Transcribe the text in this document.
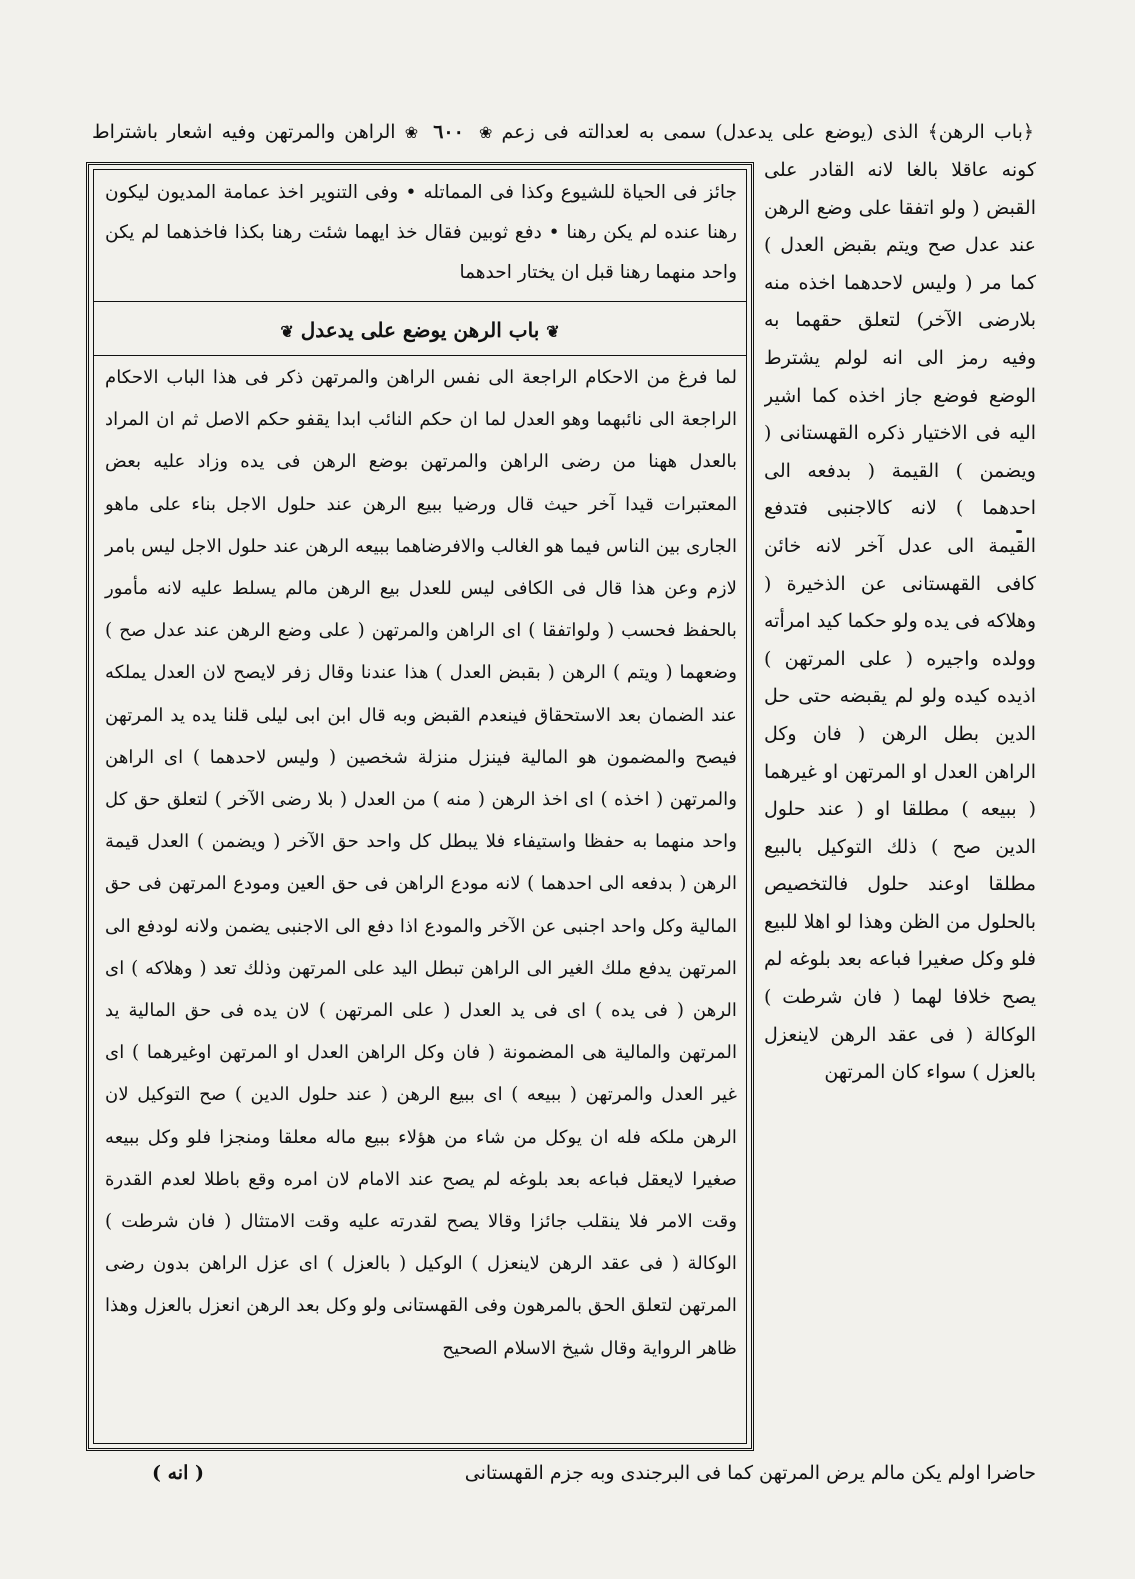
﴿باب الرهن﴾ الذى (يوضع على يدعدل) سمى به لعدالته فى زعم ❀ ٦٠٠ ❀ الراهن والمرتهن وفيه اشعار باشتراط
جائز فى الحياة للشيوع وكذا فى المماتله • وفى التنوير اخذ عمامة المديون ليكون رهنا عنده لم يكن رهنا • دفع ثوبين فقال خذ ايهما شئت رهنا بكذا فاخذهما لم يكن واحد منهما رهنا قبل ان يختار احدهما
❦ باب الرهن يوضع على يدعدل ❦

لما فرغ من الاحكام الراجعة الى نفس الراهن والمرتهن ذكر فى هذا الباب الاحكام الراجعة الى نائبهما وهو العدل لما ان حكم النائب ابدا يقفو حكم الاصل ثم ان المراد بالعدل ههنا من رضى الراهن والمرتهن بوضع الرهن فى يده وزاد عليه بعض المعتبرات قيدا آخر حيث قال ورضيا ببيع الرهن عند حلول الاجل بناء على ماهو الجارى بين الناس فيما هو الغالب والافرضاهما ببيعه الرهن عند حلول الاجل ليس بامر لازم وعن هذا قال فى الكافى ليس للعدل بيع الرهن مالم يسلط عليه لانه مأمور بالحفظ فحسب ( ولواتفقا ) اى الراهن والمرتهن ( على وضع الرهن عند عدل صح ) وضعهما ( ويتم ) الرهن ( بقبض العدل ) هذا عندنا وقال زفر لايصح لان العدل يملكه عند الضمان بعد الاستحقاق فينعدم القبض وبه قال ابن ابى ليلى قلنا يده يد المرتهن فيصح والمضمون هو المالية فينزل منزلة شخصين ( وليس لاحدهما ) اى الراهن والمرتهن ( اخذه ) اى اخذ الرهن ( منه ) من العدل ( بلا رضى الآخر ) لتعلق حق كل واحد منهما به حفظا واستيفاء فلا يبطل كل واحد حق الآخر ( ويضمن ) العدل قيمة الرهن ( بدفعه الى احدهما ) لانه مودع الراهن فى حق العين ومودع المرتهن فى حق المالية وكل واحد اجنبى عن الآخر والمودع اذا دفع الى الاجنبى يضمن ولانه لودفع الى المرتهن يدفع ملك الغير الى الراهن تبطل اليد على المرتهن وذلك تعد ( وهلاكه ) اى الرهن ( فى يده ) اى فى يد العدل ( على المرتهن ) لان يده فى حق المالية يد المرتهن والمالية هى المضمونة ( فان وكل الراهن العدل او المرتهن اوغيرهما ) اى غير العدل والمرتهن ( ببيعه ) اى ببيع الرهن ( عند حلول الدين ) صح التوكيل لان الرهن ملكه فله ان يوكل من شاء من هؤلاء ببيع ماله معلقا ومنجزا فلو وكل ببيعه صغيرا لايعقل فباعه بعد بلوغه لم يصح عند الامام لان امره وقع باطلا لعدم القدرة وقت الامر فلا ينقلب جائزا وقالا يصح لقدرته عليه وقت الامتثال ( فان شرطت ) الوكالة ( فى عقد الرهن لاينعزل ) الوكيل ( بالعزل ) اى عزل الراهن بدون رضى المرتهن لتعلق الحق بالمرهون وفى القهستانى ولو وكل بعد الرهن انعزل بالعزل وهذا ظاهر الرواية وقال شيخ الاسلام الصحيح

كونه عاقلا بالغا لانه القادر على القبض ( ولو اتفقا على وضع الرهن عند عدل صح ويتم بقبض العدل ) كما مر ( وليس لاحدهما اخذه منه بلارضى الآخر) لتعلق حقهما به وفيه رمز الى انه لولم يشترط الوضع فوضع جاز اخذه كما اشير اليه فى الاختيار ذكره القهستانى ( ويضمن ) القيمة ( بدفعه الى احدهما ) لانه كالاجنبى فتدفع القيمة الى عدل آخر لانه خائن كافى القهستانى عن الذخيرة ( وهلاكه فى يده ولو حكما كيد امرأته وولده واجيره ( على المرتهن ) اذيده كيده ولو لم يقبضه حتى حل الدين بطل الرهن ( فان وكل الراهن العدل او المرتهن او غيرهما ( ببيعه ) مطلقا او ( عند حلول الدين صح ) ذلك التوكيل بالبيع مطلقا اوعند حلول فالتخصيص بالحلول من الظن وهذا لو اهلا للبيع فلو وكل صغيرا فباعه بعد بلوغه لم يصح خلافا لهما ( فان شرطت ) الوكالة ( فى عقد الرهن لاينعزل بالعزل ) سواء كان المرتهن
حاضرا اولم يكن مالم يرض المرتهن كما فى البرجندى وبه جزم القهستانى
( انه )
